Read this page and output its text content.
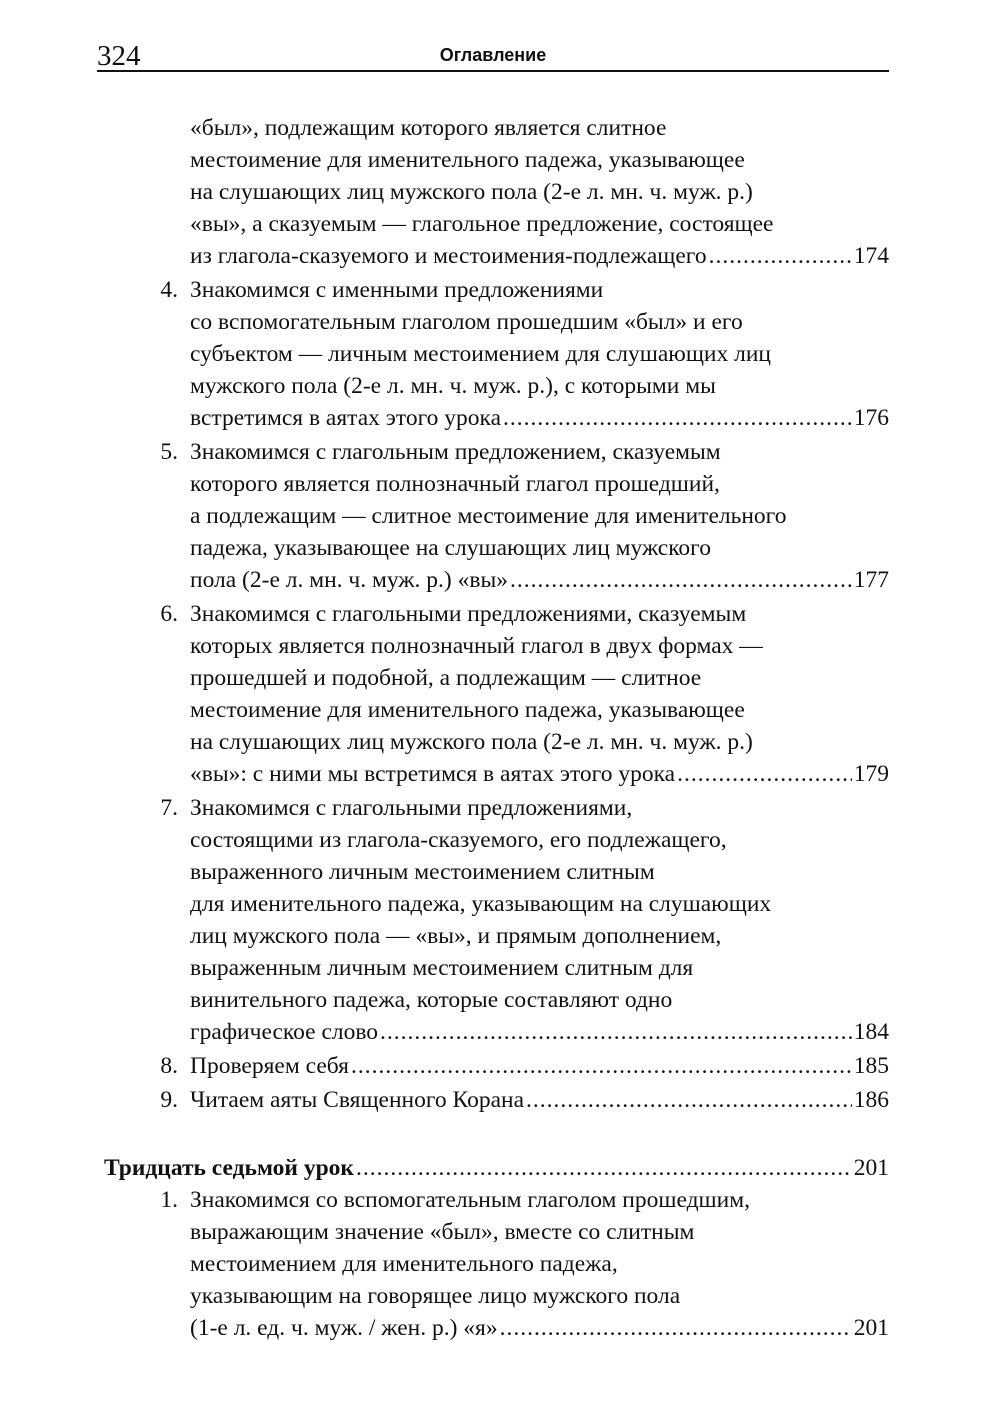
324	Оглавление
«был», подлежащим которого является слитное
местоимение для именительного падежа, указывающее
на слушающих лиц мужского пола (2-е л. мн. ч. муж. р.)
«вы», а сказуемым — глагольное предложение, состоящее
из глагола-сказуемого и местоимения-подлежащего .....	174
4. Знакомимся с именными предложениями
со вспомогательным глаголом прошедшим «был» и его
субъектом — личным местоимением для слушающих лиц
мужского пола (2-е л. мн. ч. муж. р.), с которыми мы
встретимся в аятах этого урока .....	176
5. Знакомимся с глагольным предложением, сказуемым
которого является полнозначный глагол прошедший,
а подлежащим — слитное местоимение для именительного
падежа, указывающее на слушающих лиц мужского
пола (2-е л. мн. ч. муж. р.) «вы» .....	177
6. Знакомимся с глагольными предложениями, сказуемым
которых является полнозначный глагол в двух формах —
прошедшей и подобной, а подлежащим — слитное
местоимение для именительного падежа, указывающее
на слушающих лиц мужского пола (2-е л. мн. ч. муж. р.)
«вы»: с ними мы встретимся в аятах этого урока .....	179
7. Знакомимся с глагольными предложениями,
состоящими из глагола-сказуемого, его подлежащего,
выраженного личным местоимением слитным
для именительного падежа, указывающим на слушающих
лиц мужского пола — «вы», и прямым дополнением,
выраженным личным местоимением слитным для
винительного падежа, которые составляют одно
графическое слово .....	184
8. Проверяем себя .....	185
9. Читаем аяты Священного Корана .....	186
Тридцать седьмой урок .....	201
1. Знакомимся со вспомогательным глаголом прошедшим,
выражающим значение «был», вместе со слитным
местоимением для именительного падежа,
указывающим на говорящее лицо мужского пола
(1-е л. ед. ч. муж. / жен. р.) «я» .....	201
